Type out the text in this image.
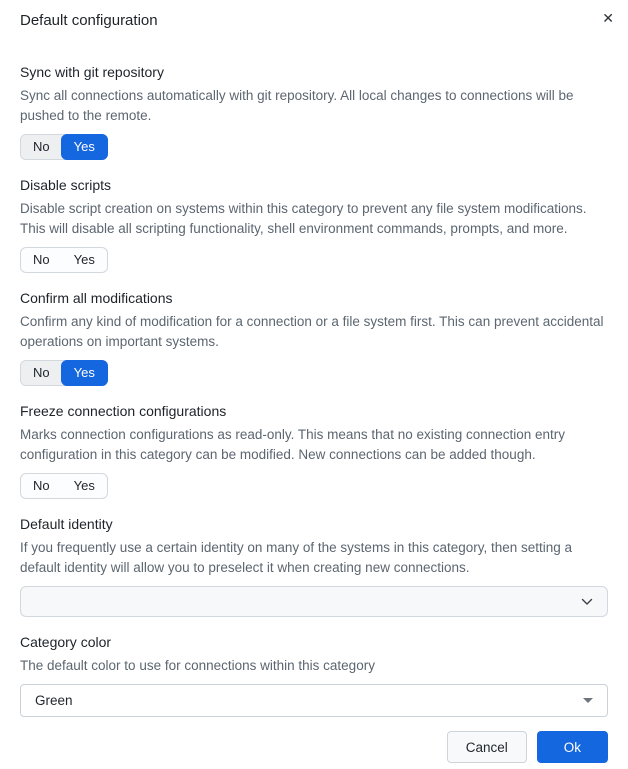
Default configuration	✕
Sync with git repository

Sync all connections automatically with git repository. All local changes to connections will be pushed to the remote.

No	Yes
Disable scripts

Disable script creation on systems within this category to prevent any file system modifications. This will disable all scripting functionality, shell environment commands, prompts, and more.

No	Yes
Confirm all modifications

Confirm any kind of modification for a connection or a file system first. This can prevent accidental operations on important systems.

No	Yes
Freeze connection configurations

Marks connection configurations as read-only. This means that no existing connection entry configuration in this category can be modified. New connections can be added though.

No	Yes
Default identity

If you frequently use a certain identity on many of the systems in this category, then setting a default identity will allow you to preselect it when creating new connections.

Category color

The default color to use for connections within this category

Green
Cancel	Ok
